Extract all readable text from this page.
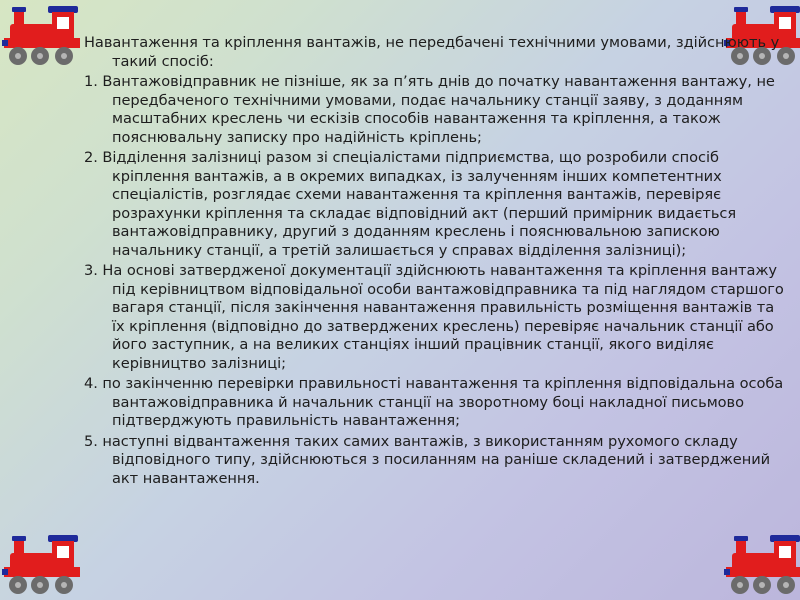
Навантаження та кріплення вантажів, не передбачені технічними умовами, здійснюють у такий спосіб:

1. Вантажовідправник не пізніше, як за п’ять днів до початку навантаження вантажу, не передбаченого технічними умовами, подає начальнику станції заяву, з доданням масштабних креслень чи ескізів способів навантаження та кріплення, а також пояснювальну записку про надійність кріплень;

2. Відділення залізниці разом зі спеціалістами підприємства, що розробили спосіб кріплення вантажів, а в окремих випадках, із залученням інших компетентних спеціалістів, розглядає схеми навантаження та кріплення вантажів, перевіряє розрахунки кріплення та складає відповідний акт (перший примірник видається вантажовідправнику, другий з доданням креслень і пояснювальною запискою начальнику станції, а третій залишається у справах відділення залізниці);

3. На основі затвердженої документації здійснюють навантаження та кріплення вантажу під керівництвом відповідальної особи вантажовідправника та під наглядом старшого вагаря станції, після закінчення навантаження правильність розміщення вантажів та їх кріплення (відповідно до затверджених креслень) перевіряє начальник станції або його заступник, а на великих станціях інший працівник станції, якого виділяє керівництво залізниці;

4. по закінченню перевірки правильності навантаження та кріплення відповідальна особа вантажовідправника й начальник станції на зворотному боці накладної письмово підтверджують правильність навантаження;

5. наступні відвантаження таких самих вантажів, з використанням рухомого складу відповідного типу, здійснюються з посиланням на раніше складений і затверджений акт навантаження.
